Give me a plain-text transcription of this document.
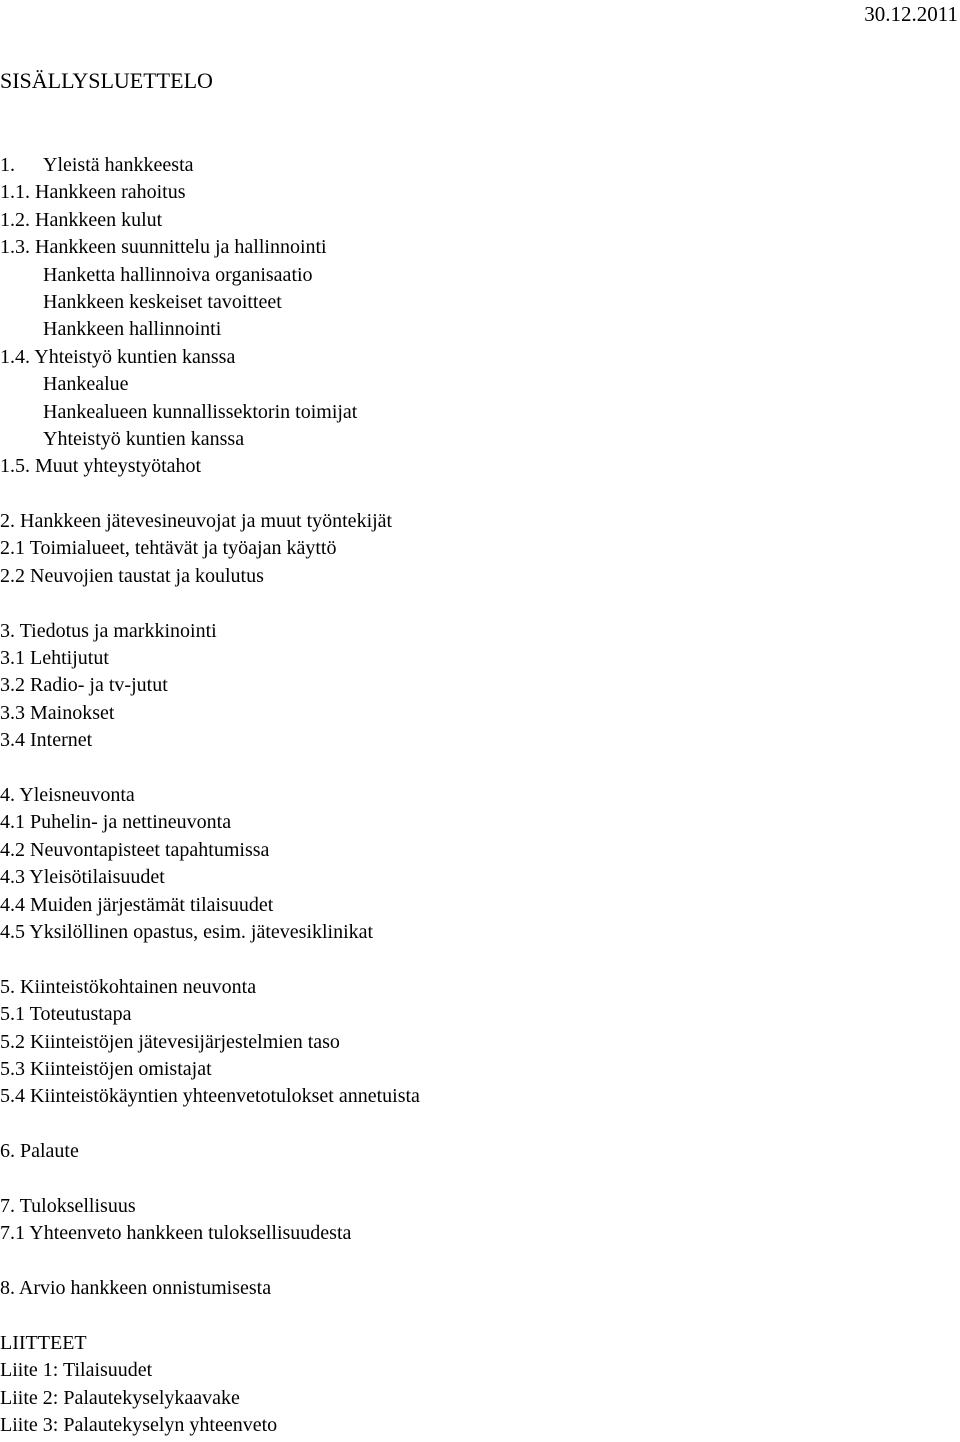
30.12.2011
SISÄLLYSLUETTELO
1. Yleistä hankkeesta
1.1. Hankkeen rahoitus
1.2. Hankkeen kulut
1.3. Hankkeen suunnittelu ja hallinnointi
Hanketta hallinnoiva organisaatio
Hankkeen keskeiset tavoitteet
Hankkeen hallinnointi
1.4. Yhteistyö kuntien kanssa
Hankealue
Hankealueen kunnallissektorin toimijat
Yhteistyö kuntien kanssa
1.5. Muut yhteystyötahot
2. Hankkeen jätevesineuvojat ja muut työntekijät
2.1 Toimialueet, tehtävät ja työajan käyttö
2.2 Neuvojien taustat ja koulutus
3. Tiedotus ja markkinointi
3.1 Lehtijutut
3.2 Radio- ja tv-jutut
3.3 Mainokset
3.4 Internet
4. Yleisneuvonta
4.1 Puhelin- ja nettineuvonta
4.2 Neuvontapisteet tapahtumissa
4.3 Yleisötilaisuudet
4.4 Muiden järjestämät tilaisuudet
4.5 Yksilöllinen opastus, esim. jätevesiklinikat
5. Kiinteistökohtainen neuvonta
5.1 Toteutustapa
5.2 Kiinteistöjen jätevesijärjestelmien taso
5.3 Kiinteistöjen omistajat
5.4 Kiinteistökäyntien yhteenvetotulokset annetuista
6. Palaute
7. Tuloksellisuus
7.1 Yhteenveto hankkeen tuloksellisuudesta
8. Arvio hankkeen onnistumisesta
LIITTEET
Liite 1: Tilaisuudet
Liite 2: Palautekyselykaavake
Liite 3: Palautekyselyn yhteenveto
